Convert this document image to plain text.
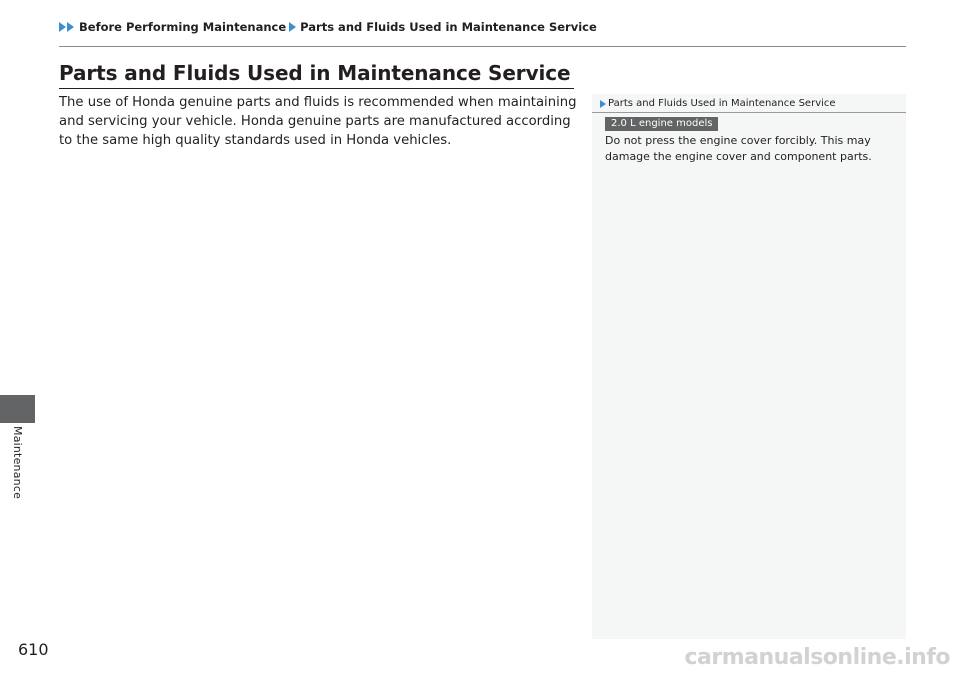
Before Performing Maintenance Parts and Fluids Used in Maintenance Service
Parts and Fluids Used in Maintenance Service

The use of Honda genuine parts and fluids is recommended when maintaining and servicing your vehicle. Honda genuine parts are manufactured according to the same high quality standards used in Honda vehicles.

Parts and Fluids Used in Maintenance Service
2.0 L engine models

Do not press the engine cover forcibly. This may damage the engine cover and component parts.

Maintenance
610	carmanualsonline.info
